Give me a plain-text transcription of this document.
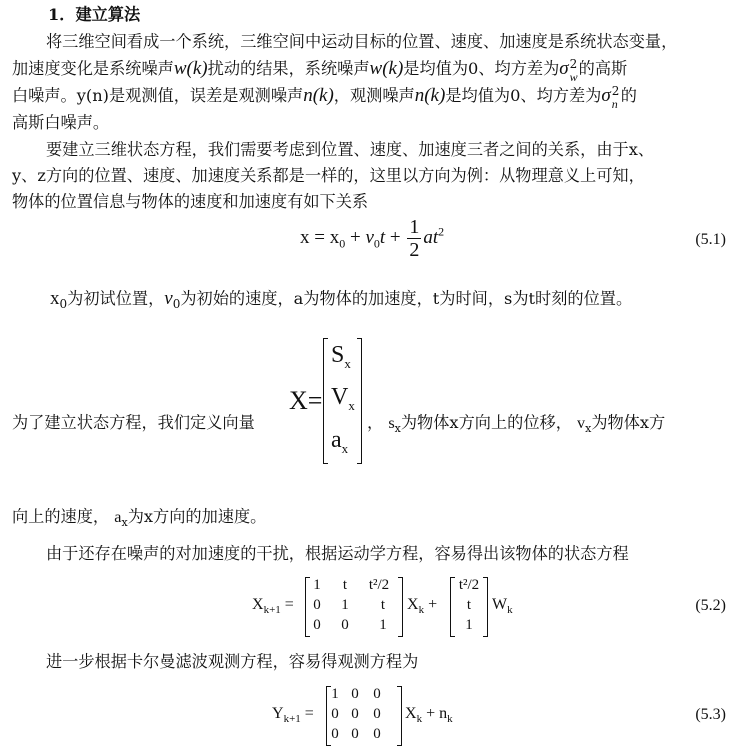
1．建立算法
将三维空间看成一个系统，三维空间中运动目标的位置、速度、加速度是系统状态变量，
加速度变化是系统噪声w(k)扰动的结果，系统噪声w(k)是均值为0、均方差为σ 2
w 的高斯
白噪声。y(n)是观测值，误差是观测噪声n(k)，观测噪声n(k)是均值为0、均方差为σ 2
n 的
高斯白噪声。
要建立三维状态方程，我们需要考虑到位置、速度、加速度三者之间的关系，由于x、
y、z方向的位置、速度、加速度关系都是一样的，这里以方向为例：从物理意义上可知，
物体的位置信息与物体的速度和加速度有如下关系
$x = x_0 + v_0t + \frac{1}{2} at^2$	(5.1)
$x_0$为初试位置，$v_0$为初始的速度，a为物体的加速度，t为时间，s为t时刻的位置。
为了建立状态方程，我们定义向量
X=
$S_x$
$V_x$
$a_x$
， $s_x$为物体x方向上的位移， $v_x$为物体x方
向上的速度， $a_x$为x方向的加速度。
由于还存在噪声的对加速度的干扰，根据运动学方程，容易得出该物体的状态方程
$X_{k+1}$ =
1	t	t²/2
0	1	t
0	0	1
$X_k$ +
t²/2
t
1
$W_k$	(5.2)
进一步根据卡尔曼滤波观测方程，容易得观测方程为
$Y_{k+1}$ =
1 0 0
0 0 0
0 0 0
$X_k + n_k$	(5.3)
